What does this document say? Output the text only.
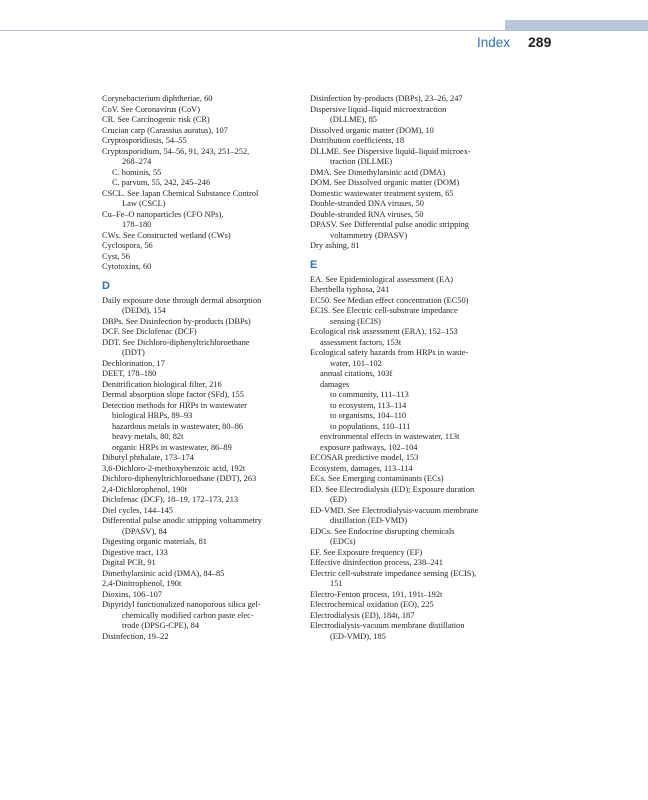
Index 289
Corynebacterium diphtheriae, 60
CoV. See Coronavirus (CoV)
CR. See Carcinogenic risk (CR)
Crucian carp (Carassius auratus), 107
Cryptosporidiosis, 54–55
Cryptosporidium, 54–56, 91, 243, 251–252,
268–274
C. hominis, 55
C. parvum, 55, 242, 245–246
CSCL. See Japan Chemical Substance Control
Law (CSCL)
Cu–Fe–O nanoparticles (CFO NPs),
178–180
CWs. See Constructed wetland (CWs)
Cyclospora, 56
Cyst, 56
Cytotoxins, 60
D
Daily exposure dose through dermal absorption
(DEDd), 154
DBPs. See Disinfection by-products (DBPs)
DCF. See Diclofenac (DCF)
DDT. See Dichloro-diphenyltrichloroethane
(DDT)
Dechlorination, 17
DEET, 178–180
Denitrification biological filter, 216
Dermal absorption slope factor (SFd), 155
Detection methods for HRPs in wastewater
biological HRPs, 89–93
hazardous metals in wastewater, 80–86
heavy metals, 80, 82t
organic HRPs in wastewater, 86–89
Dibutyl phthalate, 173–174
3,6-Dichloro-2-methoxybenzoic acid, 192t
Dichloro-diphenyltrichloroethane (DDT), 263
2,4-Dichlorophenol, 190t
Diclofenac (DCF), 18–19, 172–173, 213
Diel cycles, 144–145
Differential pulse anodic stripping voltammetry
(DPASV), 84
Digesting organic materials, 81
Digestive tract, 133
Digital PCR, 91
Dimethylarsinic acid (DMA), 84–85
2,4-Dinitrophenol, 190t
Dioxins, 106–107
Dipyridyl functionalized nanoporous silica gel-
chemically modified carbon paste elec-
trode (DPSG-CPE), 84
Disinfection, 19–22
Disinfection by-products (DBPs), 23–26, 247
Dispersive liquid–liquid microextraction
(DLLME), 85
Dissolved organic matter (DOM), 10
Distribution coefficients, 18
DLLME. See Dispersive liquid–liquid microex-
traction (DLLME)
DMA. See Dimethylarsinic acid (DMA)
DOM. See Dissolved organic matter (DOM)
Domestic wastewater treatment system, 65
Double-stranded DNA viruses, 50
Double-stranded RNA viruses, 50
DPASV. See Differential pulse anodic stripping
voltammetry (DPASV)
Dry ashing, 81
E
EA. See Epidemiological assessment (EA)
Eberthella typhosa, 241
EC50. See Median effect concentration (EC50)
ECIS. See Electric cell-substrate impedance
sensing (ECIS)
Ecological risk assessment (ERA), 152–153
assessment factors, 153t
Ecological safety hazards from HRPs in waste-
water, 101–102
annual citations, 103f
damages
to community, 111–113
to ecosystem, 113–114
to organisms, 104–110
to populations, 110–111
environmental effects in wastewater, 113t
exposure pathways, 102–104
ECOSAR predictive model, 153
Ecosystem, damages, 113–114
ECs. See Emerging contaminants (ECs)
ED. See Electrodialysis (ED); Exposure duration
(ED)
ED-VMD. See Electrodialysis-vacuum membrane
distillation (ED-VMD)
EDCs. See Endocrine disrupting chemicals
(EDCs)
EF. See Exposure frequency (EF)
Effective disinfection process, 238–241
Electric cell-substrate impedance sensing (ECIS),
151
Electro-Fenton process, 191, 191t–192t
Electrochemical oxidation (EO), 225
Electrodialysis (ED), 184t, 187
Electrodialysis-vacuum membrane distillation
(ED-VMD), 185
